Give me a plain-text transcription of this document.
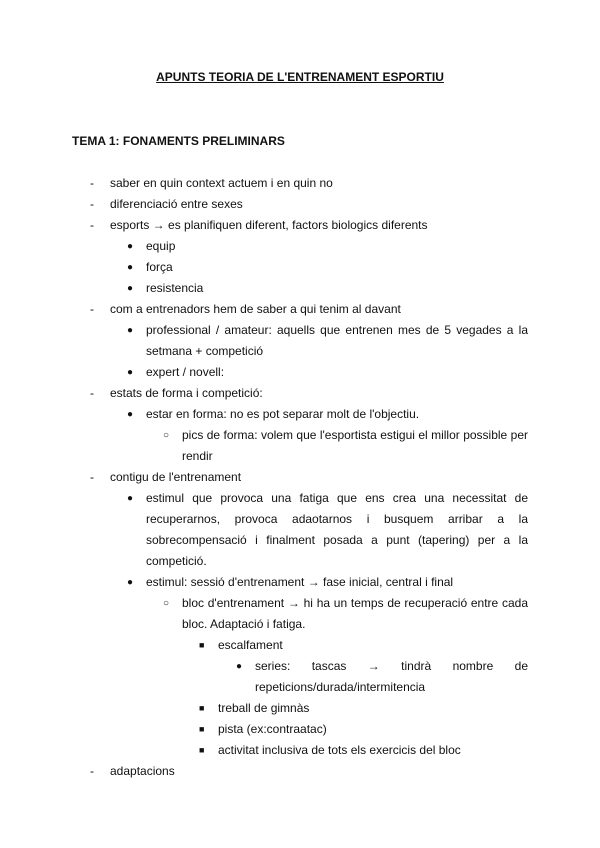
APUNTS TEORIA DE L'ENTRENAMENT ESPORTIU
TEMA 1: FONAMENTS PRELIMINARS
- saber en quin context actuem i en quin no
- diferenciació entre sexes
- esports → es planifiquen diferent, factors biologics diferents
● equip
● força
● resistencia
- com a entrenadors hem de saber a qui tenim al davant
● professional / amateur: aquells que entrenen mes de 5 vegades a la setmana + competició
● expert / novell:
- estats de forma i competició:
● estar en forma: no es pot separar molt de l'objectiu.
○ pics de forma: volem que l'esportista estigui el millor possible per rendir
- contigu de l'entrenament
● estimul que provoca una fatiga que ens crea una necessitat de recuperarnos, provoca adaotarnos i busquem arribar a la sobrecompensació i finalment posada a punt (tapering) per a la competició.
● estimul: sessió d'entrenament → fase inicial, central i final
○ bloc d'entrenament → hi ha un temps de recuperació entre cada bloc. Adaptació i fatiga.
■ escalfament
● series: tascas → tindrà nombre de repeticions/durada/intermitencia
■ treball de gimnàs
■ pista (ex:contraatac)
■ activitat inclusiva de tots els exercicis del bloc
- adaptacions
